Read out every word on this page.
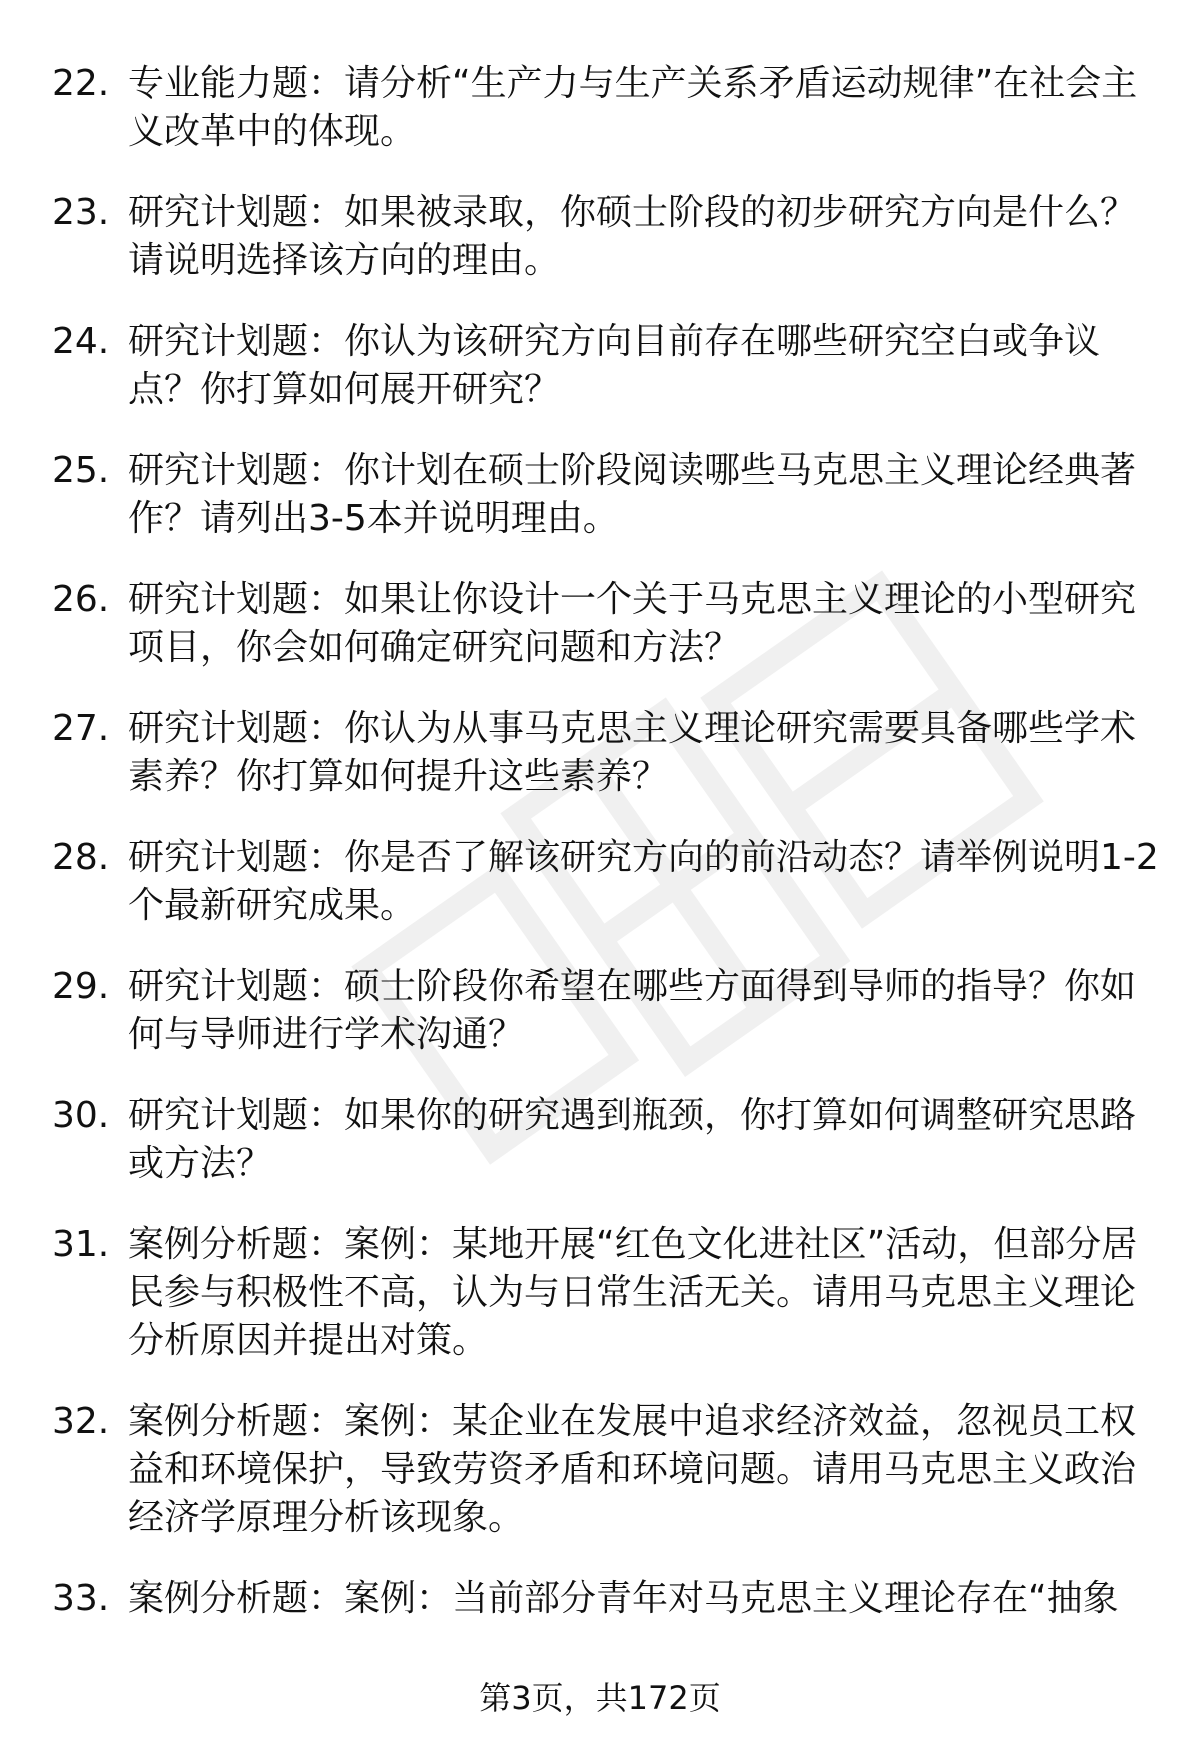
22. 专业能力题：请分析“生产力与生产关系矛盾运动规律”在社会主义改革中的体现。
23. 研究计划题：如果被录取，你硕士阶段的初步研究方向是什么？请说明选择该方向的理由。
24. 研究计划题：你认为该研究方向目前存在哪些研究空白或争议点？你打算如何展开研究？
25. 研究计划题：你计划在硕士阶段阅读哪些马克思主义理论经典著作？请列出3-5本并说明理由。
26. 研究计划题：如果让你设计一个关于马克思主义理论的小型研究项目，你会如何确定研究问题和方法？
27. 研究计划题：你认为从事马克思主义理论研究需要具备哪些学术素养？你打算如何提升这些素养？
28. 研究计划题：你是否了解该研究方向的前沿动态？请举例说明1-2个最新研究成果。
29. 研究计划题：硕士阶段你希望在哪些方面得到导师的指导？你如何与导师进行学术沟通？
30. 研究计划题：如果你的研究遇到瓶颈，你打算如何调整研究思路或方法？
31. 案例分析题：案例：某地开展“红色文化进社区”活动，但部分居民参与积极性不高，认为与日常生活无关。请用马克思主义理论分析原因并提出对策。
32. 案例分析题：案例：某企业在发展中追求经济效益，忽视员工权益和环境保护，导致劳资矛盾和环境问题。请用马克思主义政治经济学原理分析该现象。
33. 案例分析题：案例：当前部分青年对马克思主义理论存在“抽象
第3页，共172页
